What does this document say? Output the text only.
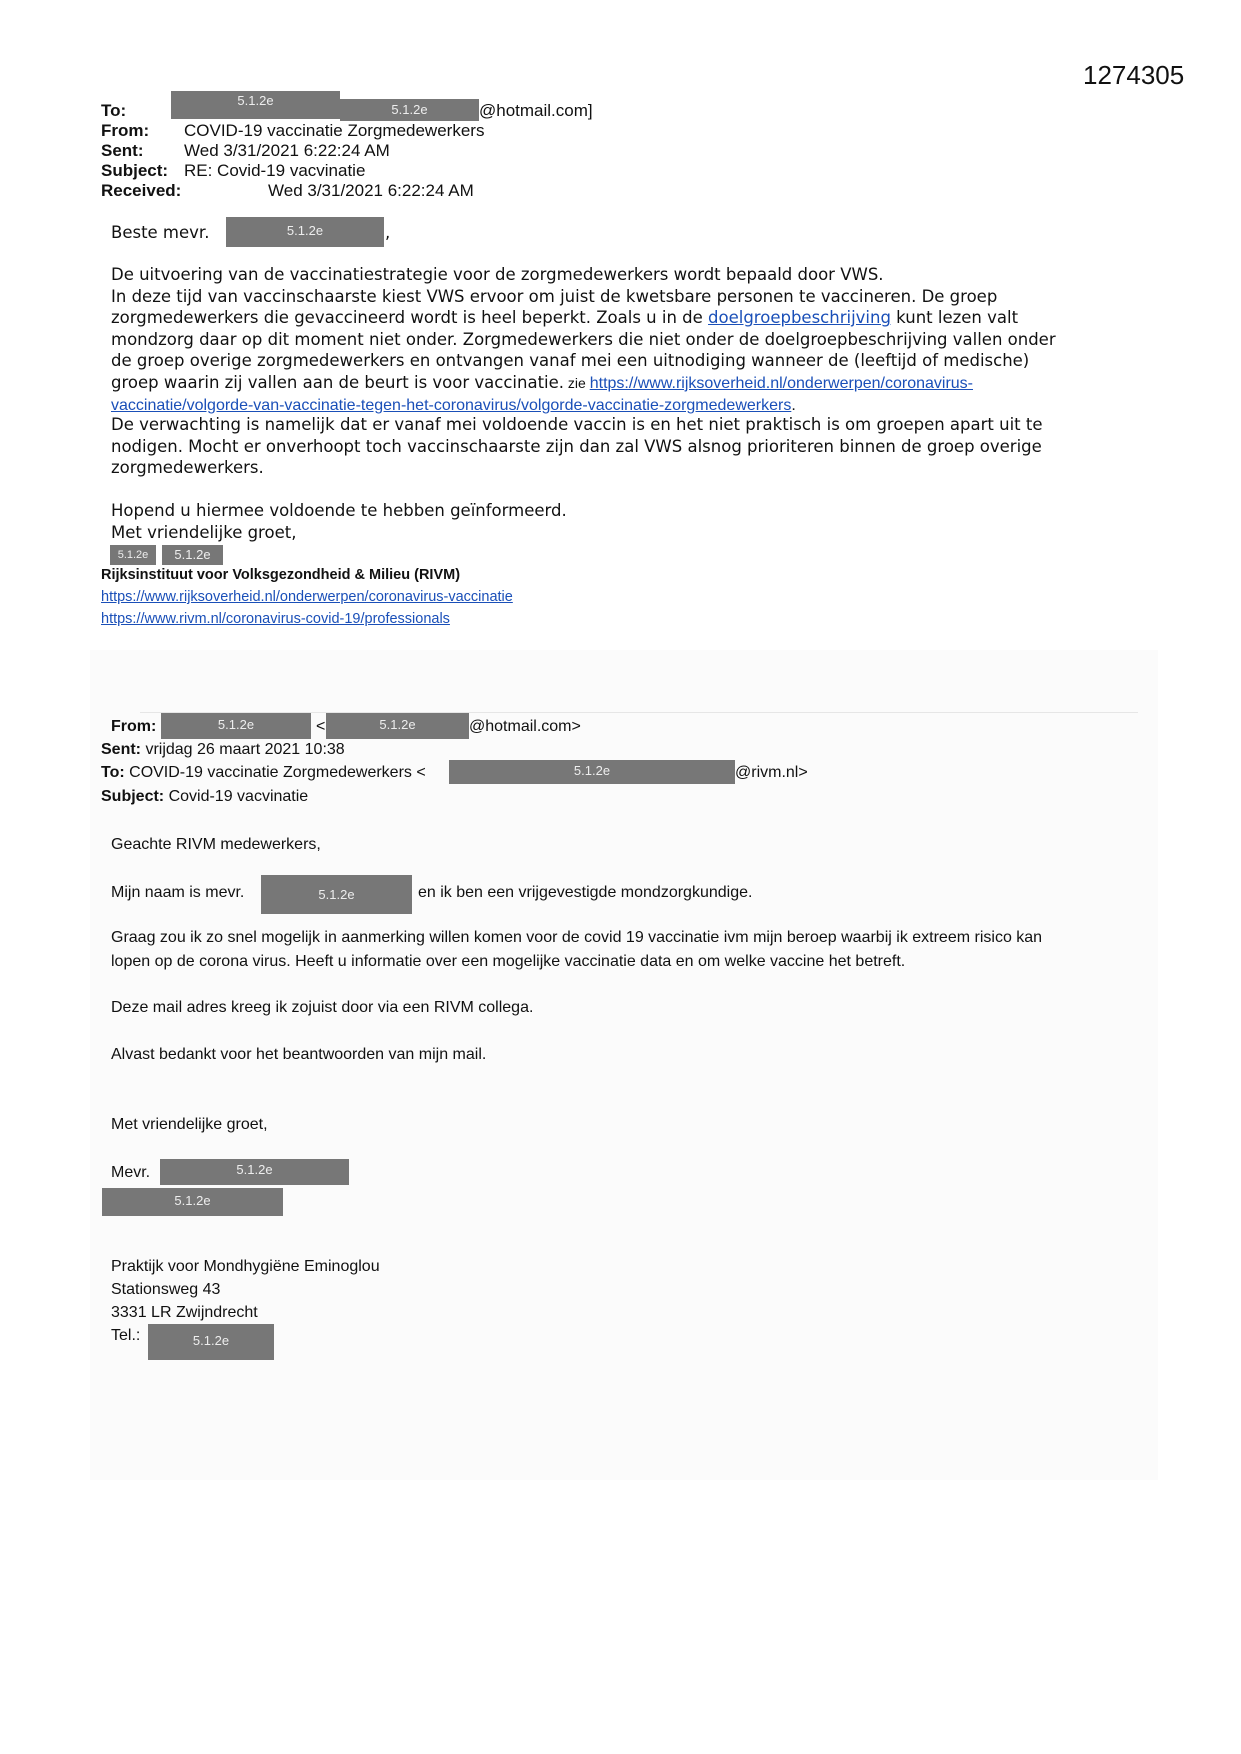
1274305
To:
5.1.2e
5.1.2e	@hotmail.com]
From: COVID-19 vaccinatie Zorgmedewerkers
Sent: Wed 3/31/2021 6:22:24 AM
Subject: RE: Covid-19 vacvinatie
Received:	Wed 3/31/2021 6:22:24 AM
Beste mevr.	5.1.2e	,
De uitvoering van de vaccinatiestrategie voor de zorgmedewerkers wordt bepaald door VWS.
In deze tijd van vaccinschaarste kiest VWS ervoor om juist de kwetsbare personen te vaccineren. De groep
zorgmedewerkers die gevaccineerd wordt is heel beperkt. Zoals u in de doelgroepbeschrijving kunt lezen valt
mondzorg daar op dit moment niet onder. Zorgmedewerkers die niet onder de doelgroepbeschrijving vallen onder
de groep overige zorgmedewerkers en ontvangen vanaf mei een uitnodiging wanneer de (leeftijd of medische)
groep waarin zij vallen aan de beurt is voor vaccinatie. zie https://www.rijksoverheid.nl/onderwerpen/coronavirus-
vaccinatie/volgorde-van-vaccinatie-tegen-het-coronavirus/volgorde-vaccinatie-zorgmedewerkers.
De verwachting is namelijk dat er vanaf mei voldoende vaccin is en het niet praktisch is om groepen apart uit te
nodigen. Mocht er onverhoopt toch vaccinschaarste zijn dan zal VWS alsnog prioriteren binnen de groep overige
zorgmedewerkers.
Hopend u hiermee voldoende te hebben geïnformeerd.
Met vriendelijke groet,
5.1.2e	5.1.2e
Rijksinstituut voor Volksgezondheid & Milieu (RIVM)
https://www.rijksoverheid.nl/onderwerpen/coronavirus-vaccinatie
https://www.rivm.nl/coronavirus-covid-19/professionals
From:	5.1.2e	<	5.1.2e	@hotmail.com>
Sent: vrijdag 26 maart 2021 10:38
To: COVID-19 vaccinatie Zorgmedewerkers <	5.1.2e	@rivm.nl>
Subject: Covid-19 vacvinatie
Geachte RIVM medewerkers,
Mijn naam is mevr.	5.1.2e	en ik ben een vrijgevestigde mondzorgkundige.
Graag zou ik zo snel mogelijk in aanmerking willen komen voor de covid 19 vaccinatie ivm mijn beroep waarbij ik extreem risico kan
lopen op de corona virus. Heeft u informatie over een mogelijke vaccinatie data en om welke vaccine het betreft.
Deze mail adres kreeg ik zojuist door via een RIVM collega.
Alvast bedankt voor het beantwoorden van mijn mail.
Met vriendelijke groet,
Mevr.	5.1.2e
5.1.2e
Praktijk voor Mondhygiëne Eminoglou
Stationsweg 43
3331 LR Zwijndrecht
Tel.:	5.1.2e
